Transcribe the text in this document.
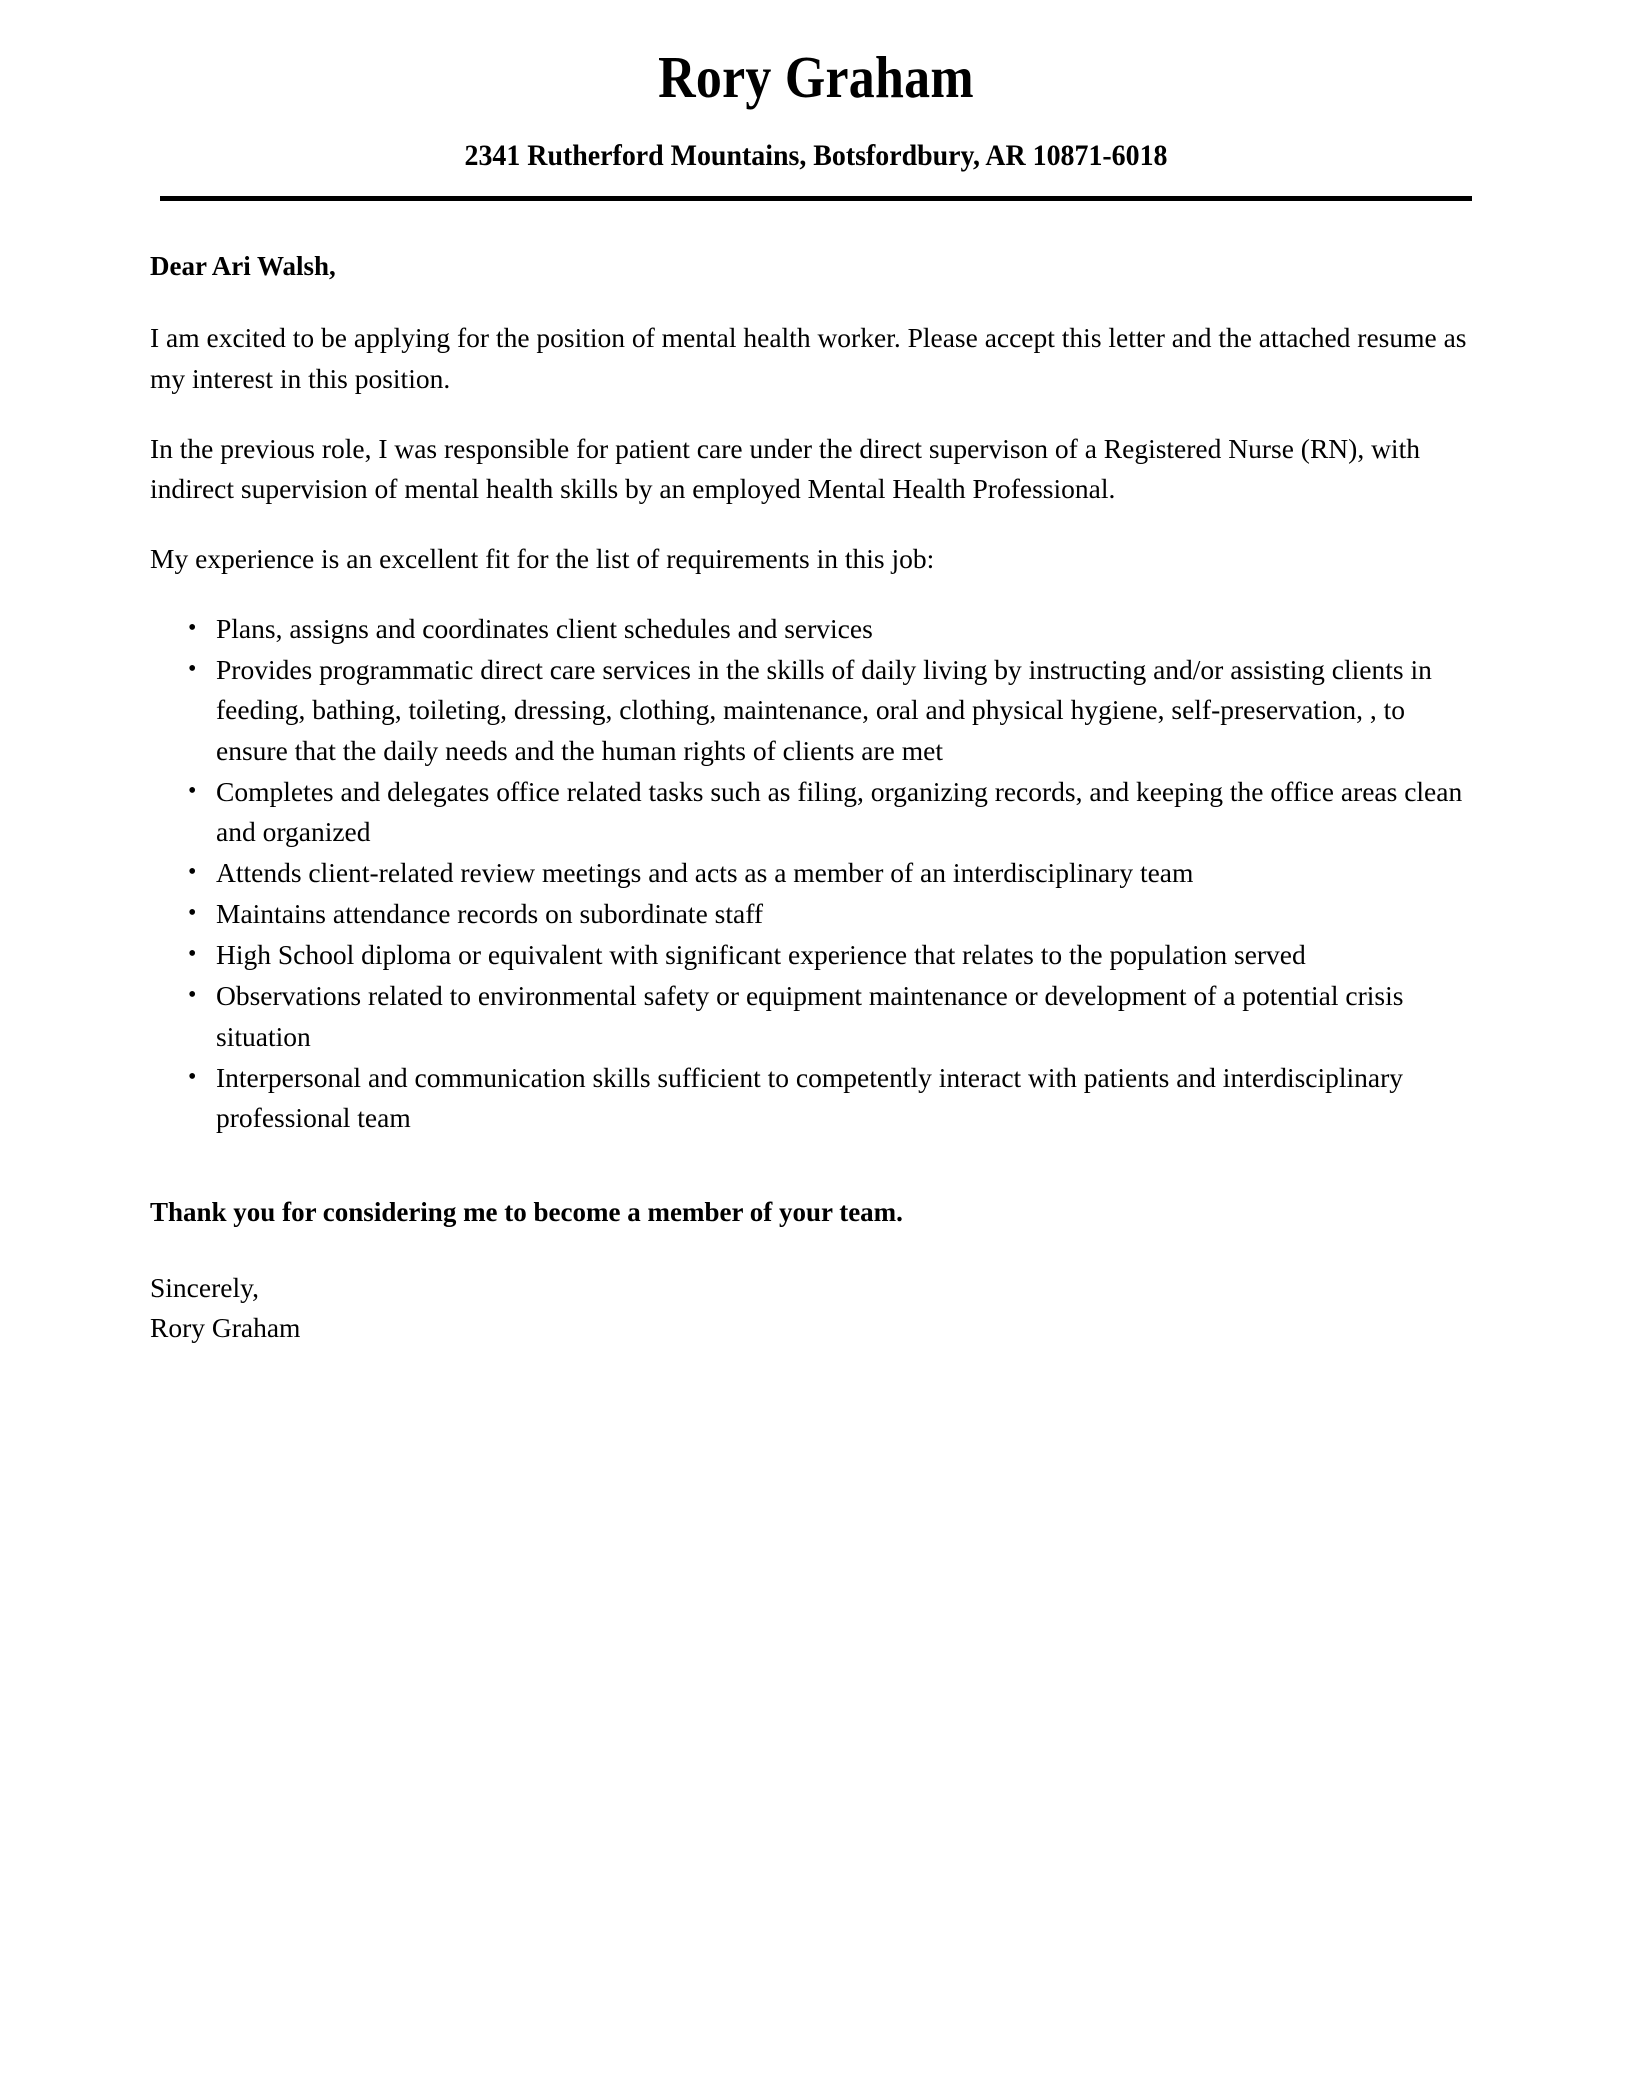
Rory Graham
2341 Rutherford Mountains, Botsfordbury, AR 10871-6018

Dear Ari Walsh,

I am excited to be applying for the position of mental health worker. Please accept this letter and the attached resume as my interest in this position.

In the previous role, I was responsible for patient care under the direct supervison of a Registered Nurse (RN), with indirect supervision of mental health skills by an employed Mental Health Professional.

My experience is an excellent fit for the list of requirements in this job:

• Plans, assigns and coordinates client schedules and services
• Provides programmatic direct care services in the skills of daily living by instructing and/or assisting clients in feeding, bathing, toileting, dressing, clothing, maintenance, oral and physical hygiene, self-preservation, , to ensure that the daily needs and the human rights of clients are met
• Completes and delegates office related tasks such as filing, organizing records, and keeping the office areas clean and organized
• Attends client-related review meetings and acts as a member of an interdisciplinary team
• Maintains attendance records on subordinate staff
• High School diploma or equivalent with significant experience that relates to the population served
• Observations related to environmental safety or equipment maintenance or development of a potential crisis situation
• Interpersonal and communication skills sufficient to competently interact with patients and interdisciplinary professional team

Thank you for considering me to become a member of your team.

Sincerely,
Rory Graham
